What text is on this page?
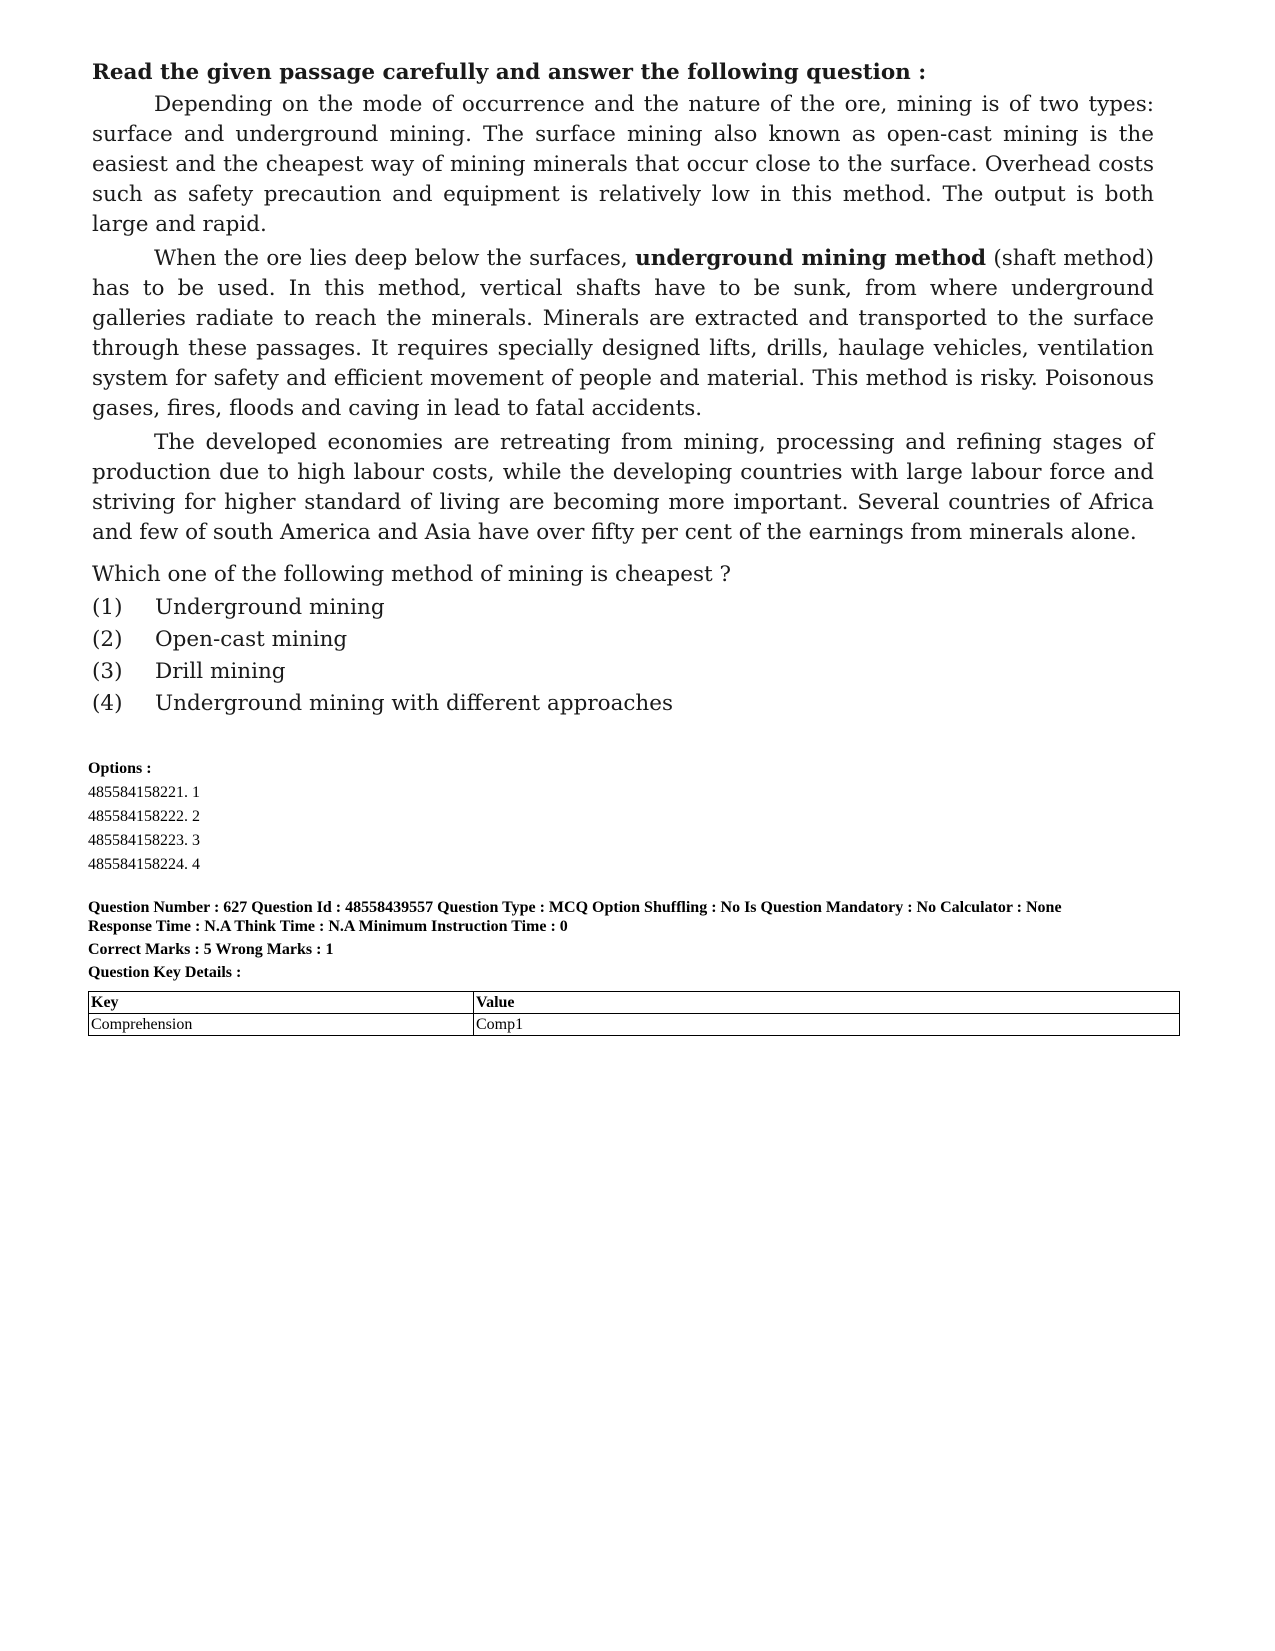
Read the given passage carefully and answer the following question :

Depending on the mode of occurrence and the nature of the ore, mining is of two types: surface and underground mining. The surface mining also known as open-cast mining is the easiest and the cheapest way of mining minerals that occur close to the surface. Overhead costs such as safety precaution and equipment is relatively low in this method. The output is both large and rapid.

When the ore lies deep below the surfaces, underground mining method (shaft method) has to be used. In this method, vertical shafts have to be sunk, from where underground galleries radiate to reach the minerals. Minerals are extracted and transported to the surface through these passages. It requires specially designed lifts, drills, haulage vehicles, ventilation system for safety and efficient movement of people and material. This method is risky. Poisonous gases, fires, floods and caving in lead to fatal accidents.

The developed economies are retreating from mining, processing and refining stages of production due to high labour costs, while the developing countries with large labour force and striving for higher standard of living are becoming more important. Several countries of Africa and few of south America and Asia have over fifty per cent of the earnings from minerals alone.

Which one of the following method of mining is cheapest ?

(1)	Underground mining
(2)	Open-cast mining
(3)	Drill mining
(4)	Underground mining with different approaches
Options :
485584158221. 1
485584158222. 2
485584158223. 3
485584158224. 4
Question Number : 627 Question Id : 48558439557 Question Type : MCQ Option Shuffling : No Is Question Mandatory : No Calculator : None
Response Time : N.A Think Time : N.A Minimum Instruction Time : 0
Correct Marks : 5 Wrong Marks : 1
Question Key Details :
Key	Value
Comprehension	Comp1
